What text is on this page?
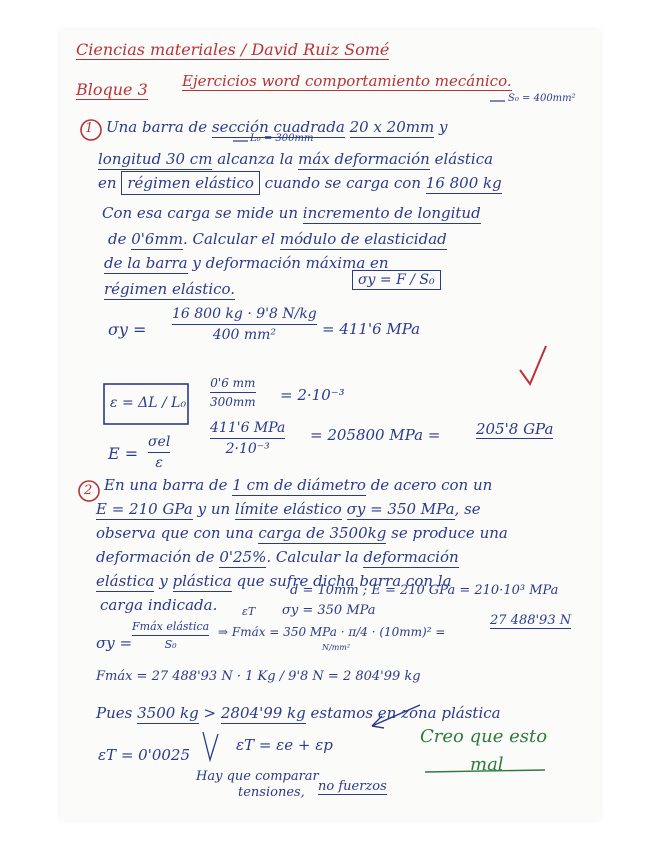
Ciencias materiales / David Ruiz Somé
Bloque 3 Ejercicios word comportamiento mecánico.
1
S₀ = 400mm²
L₀ = 300mm
Una barra de sección cuadrada 20 x 20mm y
longitud 30 cm alcanza la máx deformación elástica
en régimen elástico cuando se carga con 16 800 kg
Con esa carga se mide un incremento de longitud
de 0'6mm. Calcular el módulo de elasticidad
de la barra y deformación máxima en
régimen elástico.	σy = F / S₀
σy =
16 800 kg · 9'8 N/kg
400 mm²	= 411'6 MPa
ε = ΔL / L₀
0'6 mm
300mm = 2·10⁻³
E =
σel
ε
411'6 MPa
2·10⁻³
= 205800 MPa = 205'8 GPa
2 En una barra de 1 cm de diámetro de acero con un
E = 210 GPa y un límite elástico σy = 350 MPa, se
observa que con una carga de 3500kg se produce una
deformación de 0'25%. Calcular la deformación
elástica y plástica que sufre dicha barra con la
carga indicada.
d = 10mm ; E = 210 GPa = 210·10³ MPa
εT σy = 350 MPa
σy =
Fmáx elástica
S₀
⇒ Fmáx = 350 MPa · π/4 · (10mm)² =
N/mm²
27 488'93 N
Fmáx = 27 488'93 N · 1 Kg / 9'8 N = 2 804'99 kg
Pues 3500 kg > 2804'99 kg estamos en zona plástica
εT = 0'0025
εT = εe + εp
Hay que comparar
tensiones, no fuerzos
Creo que esto
mal
